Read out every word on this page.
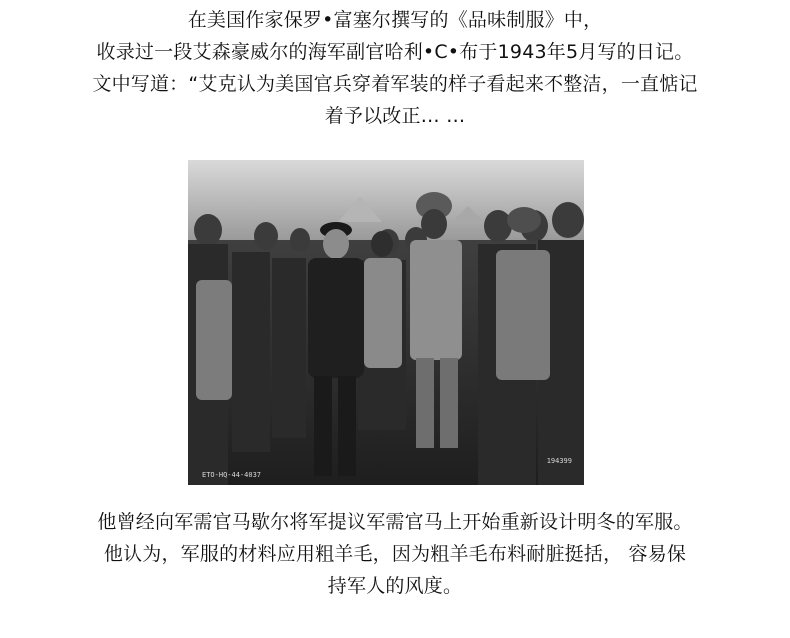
在美国作家保罗•富塞尔撰写的《品味制服》中，
收录过一段艾森豪威尔的海军副官哈利•C•布于1943年5月写的日记。
文中写道：“艾克认为美国官兵穿着军装的样子看起来不整洁，一直惦记
着予以改正… …
ETO-HQ-44-4037
194399
他曾经向军需官马歇尔将军提议军需官马上开始重新设计明冬的军服。
他认为，军服的材料应用粗羊毛，因为粗羊毛布料耐脏挺括， 容易保
持军人的风度。
